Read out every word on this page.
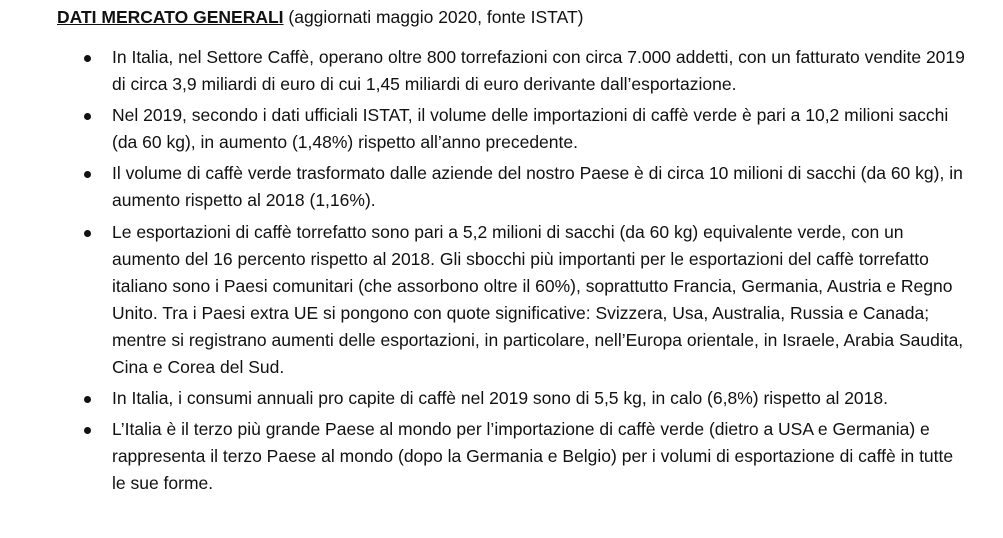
DATI MERCATO GENERALI (aggiornati maggio 2020, fonte ISTAT)
In Italia, nel Settore Caffè, operano oltre 800 torrefazioni con circa 7.000 addetti, con un fatturato vendite 2019 di circa 3,9 miliardi di euro di cui 1,45 miliardi di euro derivante dall’esportazione.
Nel 2019, secondo i dati ufficiali ISTAT, il volume delle importazioni di caffè verde è pari a 10,2 milioni sacchi (da 60 kg), in aumento (1,48%) rispetto all’anno precedente.
Il volume di caffè verde trasformato dalle aziende del nostro Paese è di circa 10 milioni di sacchi (da 60 kg), in aumento rispetto al 2018 (1,16%).
Le esportazioni di caffè torrefatto sono pari a 5,2 milioni di sacchi (da 60 kg) equivalente verde, con un aumento del 16 percento rispetto al 2018. Gli sbocchi più importanti per le esportazioni del caffè torrefatto italiano sono i Paesi comunitari (che assorbono oltre il 60%), soprattutto Francia, Germania, Austria e Regno Unito. Tra i Paesi extra UE si pongono con quote significative: Svizzera, Usa, Australia, Russia e Canada; mentre si registrano aumenti delle esportazioni, in particolare, nell’Europa orientale, in Israele, Arabia Saudita, Cina e Corea del Sud.
In Italia, i consumi annuali pro capite di caffè nel 2019 sono di 5,5 kg, in calo (6,8%) rispetto al 2018.
L’Italia è il terzo più grande Paese al mondo per l’importazione di caffè verde (dietro a USA e Germania) e rappresenta il terzo Paese al mondo (dopo la Germania e Belgio) per i volumi di esportazione di caffè in tutte le sue forme.
